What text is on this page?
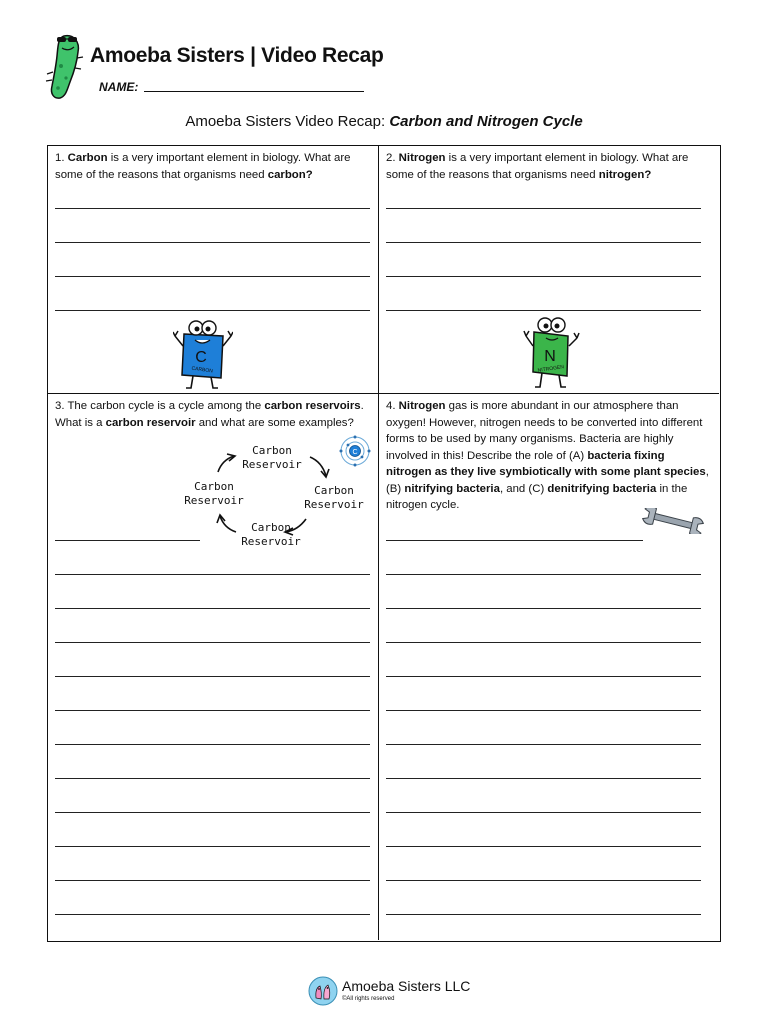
Amoeba Sisters | Video Recap
NAME:
Amoeba Sisters Video Recap: Carbon and Nitrogen Cycle

1. Carbon is a very important element in biology. What are some of the reasons that organisms need carbon?

C
CARBON

2. Nitrogen is a very important element in biology. What are some of the reasons that organisms need nitrogen?

N
NITROGEN

3. The carbon cycle is a cycle among the carbon reservoirs. What is a carbon reservoir and what are some examples?

Carbon Reservoir
Carbon Reservoir
Carbon Reservoir
Carbon Reservoir
C

4. Nitrogen gas is more abundant in our atmosphere than oxygen! However, nitrogen needs to be converted into different forms to be used by many organisms. Bacteria are highly involved in this! Describe the role of (A) bacteria fixing nitrogen as they live symbiotically with some plant species, (B) nitrifying bacteria, and (C) denitrifying bacteria in the nitrogen cycle.

Amoeba Sisters LLC
©All rights reserved
